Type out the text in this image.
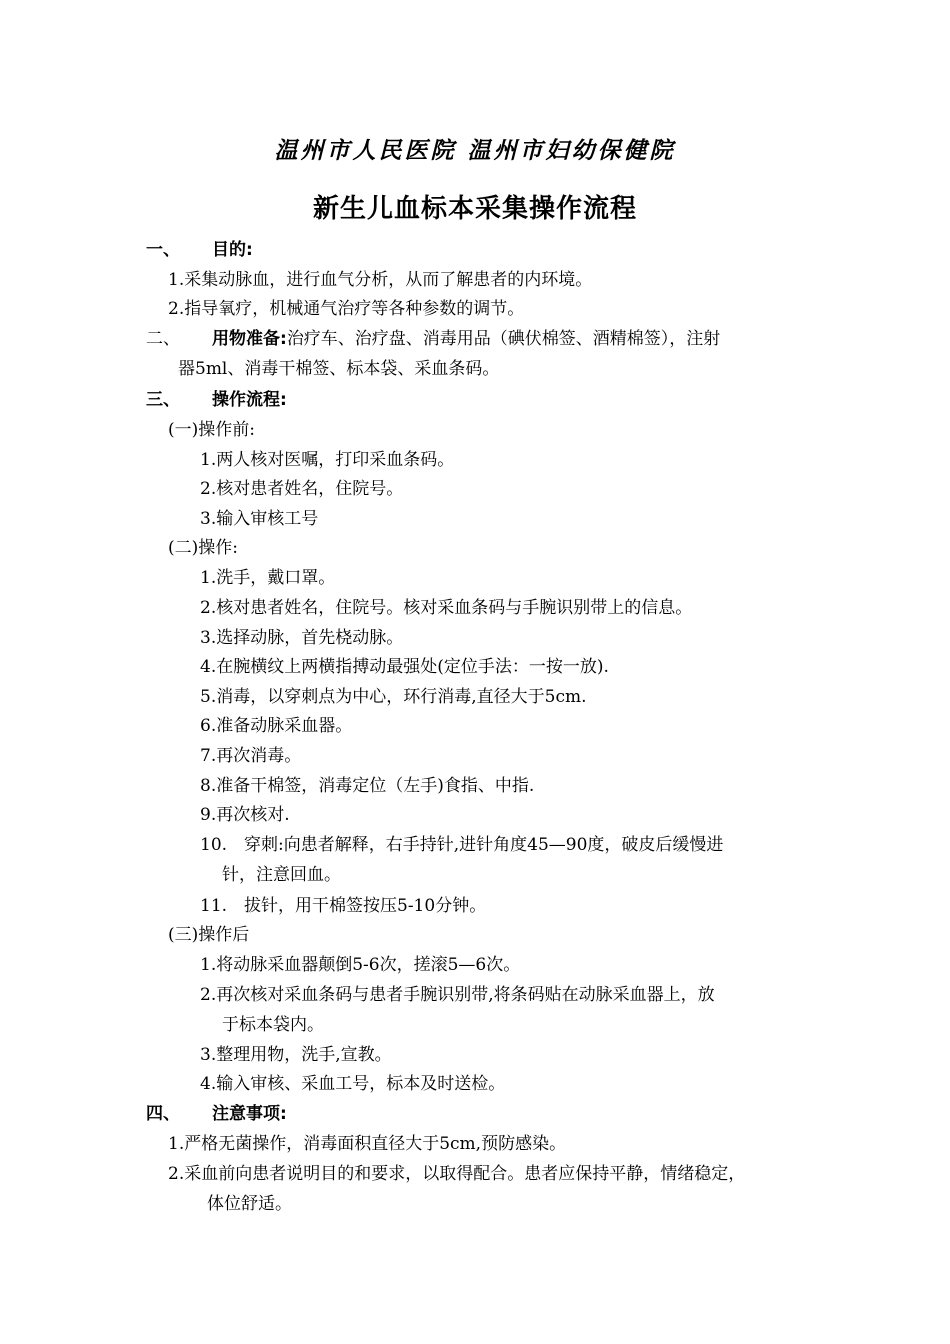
温州市人民医院 温州市妇幼保健院
新生儿血标本采集操作流程
一、 目的:
1.采集动脉血，进行血气分析，从而了解患者的内环境。
2.指导氧疗，机械通气治疗等各种参数的调节。
二、 用物准备:治疗车、治疗盘、消毒用品（碘伏棉签、酒精棉签），注射
器5ml、消毒干棉签、标本袋、采血条码。
三、 操作流程:
(一)操作前:
1.两人核对医嘱，打印采血条码。
2.核对患者姓名，住院号。
3.输入审核工号
(二)操作:
1.洗手，戴口罩。
2.核对患者姓名，住院号。核对采血条码与手腕识别带上的信息。
3.选择动脉，首先桡动脉。
4.在腕横纹上两横指搏动最强处(定位手法：一按一放).
5.消毒，以穿刺点为中心，环行消毒,直径大于5cm.
6.准备动脉采血器。
7.再次消毒。
8.准备干棉签，消毒定位（左手)食指、中指.
9.再次核对.
10. 穿刺:向患者解释，右手持针,进针角度45—90度，破皮后缓慢进
针，注意回血。
11. 拔针，用干棉签按压5-10分钟。
(三)操作后
1.将动脉采血器颠倒5-6次，搓滚5—6次。
2.再次核对采血条码与患者手腕识别带,将条码贴在动脉采血器上，放
于标本袋内。
3.整理用物，洗手,宣教。
4.输入审核、采血工号，标本及时送检。
四、 注意事项:
1.严格无菌操作，消毒面积直径大于5cm,预防感染。
2.采血前向患者说明目的和要求，以取得配合。患者应保持平静，情绪稳定，
体位舒适。
